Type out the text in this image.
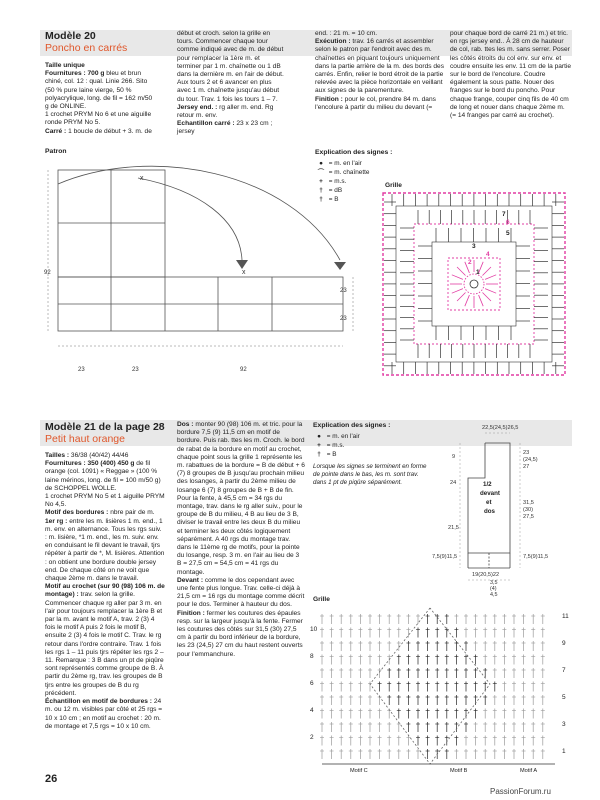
Modèle 20
Poncho en carrés

Taille unique

Fournitures : 700 g bleu et brun chiné, col. 12 : qual. Linie 266. Sito (50 % pure laine vierge, 50 % polyacrylique, long. de fil = 162 m/50 g de ONLINE.

1 crochet PRYM No 6 et une aiguille ronde PRYM No 5.

Carré : 1 boucle de début + 3. m. de

début et croch. selon la grille en tours. Commencer chaque tour comme indiqué avec de m. de début pour remplacer la 1ère m. et terminer par 1 m. chaînette ou 1 dB dans la dernière m. en l'air de début. Aux tours 2 et 6 avancer en plus avec 1 m. chaînette jusqu'au début du tour. Trav. 1 fois les tours 1 – 7.

Jersey end. : rg aller m. end. Rg retour m. env.

Echantillon carré : 23 x 23 cm ; jersey

end. : 21 m. = 10 cm.

Exécution : trav. 16 carrés et assembler selon le patron par l'endroit avec des m. chaînettes en piquant toujours uniquement dans la partie arrière de la m. des bords des carrés. Enfin, relier le bord étroit de la partie relevée avec la pièce horizontale en veillant aux signes de la parementure.

Finition : pour le col, prendre 84 m. dans l'encolure à partir du milieu du devant (=

pour chaque bord de carré 21 m.) et tric. en rgs jersey end.. À 28 cm de hauteur de col, rab. ttes les m. sans serrer. Poser les côtés étroits du col env. sur env. et coudre ensuite les env. 11 cm de la partie sur le bord de l'encolure. Coudre également la sous patte. Nouer des franges sur le bord du poncho. Pour chaque frange, couper cinq fils de 40 cm de long et nouer dans chaque 2ème m. (= 14 franges par carré au crochet).

Patron
x
x
92
23	23
23
23
92
Explication des signes :
● = m. en l'air
⌒ = m. chaînette
+ = m.s.
† = dB
† = B
Grille
7
6
5
4
3
2
1
Modèle 21 de la page 28
Petit haut orange

Tailles : 36/38 (40/42) 44/46

Fournitures : 350 (400) 450 g de fil orange (col. 1091) « Reggae » (100 % laine mérinos, long. de fil = 100 m/50 g) de SCHOPPEL WOLLE.

1 crochet PRYM No 5 et 1 aiguille PRYM No 4,5.

Motif des bordures : nbre pair de m.

1er rg : entre les m. lisières 1 m. end., 1 m. env. en alternance. Tous les rgs suiv. : m. lisière, *1 m. end., les m. suiv. env. en conduisant le fil devant le travail, tjrs répéter à partir de *, M. lisières. Attention : on obtient une bordure double jersey end. De chaque côté on ne voit que chaque 2ème m. dans le travail.

Motif au crochet (sur 90 (98) 106 m. de montage) : trav. selon la grille. Commencer chaque rg aller par 3 m. en l'air pour toujours remplacer la 1ère B et par la m. avant le motif A, trav. 2 (3) 4 fois le motif A puis 2 fois le motif B, ensuite 2 (3) 4 fois le motif C. Trav. le rg retour dans l'ordre contraire. Trav. 1 fois les rgs 1 – 11 puis tjrs répéter les rgs 2 – 11. Remarque : 3 B dans un pt de piqûre sont représentés comme groupe de B. À partir du 2ème rg, trav. les groupes de B tjrs entre les groupes de B du rg précédent.

Échantillon en motif de bordures : 24 m. ou 12 m. visibles par côté et 25 rgs = 10 x 10 cm ; en motif au crochet : 20 m. de montage et 7,5 rgs = 10 x 10 cm.

Dos : monter 90 (98) 106 m. et tric. pour la bordure 7,5 (9) 11,5 cm en motif de bordure. Puis rab. ttes les m. Croch. le bord de rabat de la bordure en motif au crochet, chaque point sous la grille 1 représente les m. rabattues de la bordure = B de début + 6 (7) 8 groupes de B jusqu'au prochain milieu des losanges, à partir du 2ème milieu de losange 6 (7) 8 groupes de B + B de fin. Pour la fente, à 45,5 cm = 34 rgs du montage, trav. dans le rg aller suiv., pour le groupe de B du milieu, 4 B au lieu de 3 B, diviser le travail entre les deux B du milieu et terminer les deux côtés logiquement séparément. A 40 rgs du montage trav. dans le 11ème rg de motifs, pour la pointe du losange, resp. 3 m. en l'air au lieu de 3 B = 27,5 cm = 54,5 cm = 41 rgs du montage.

Devant : comme le dos cependant avec une fente plus longue. Trav. celle-ci déjà à 21,5 cm = 16 rgs du montage comme décrit pour le dos. Terminer à hauteur du dos.

Finition : fermer les coutures des épaules resp. sur la largeur jusqu'à la fente. Fermer les coutures des côtés sur 31,5 (30) 27,5 cm à partir du bord inférieur de la bordure, les 23 (24,5) 27 cm du haut restent ouverts pour l'emmanchure.

Explication des signes :
● = m. en l'air
+ = m.s.
† = B
Lorsque les signes se terminent en forme de pointe dans le bas, les m. sont trav. dans 1 pt de piqûre séparément.
22,5(24,5)26,5
9
24
21,5
7,5(9)11,5
23
(24,5)
27
31,5
(30)
27,5
7,5(9)11,5
19(20,5)22
1/2
devant
et
dos
3,5
(4)
4,5
Grille
11
9
7
5
3
1
10
8
6
4
2
Motif C	Motif B	Motif A
26
PassionForum.ru
